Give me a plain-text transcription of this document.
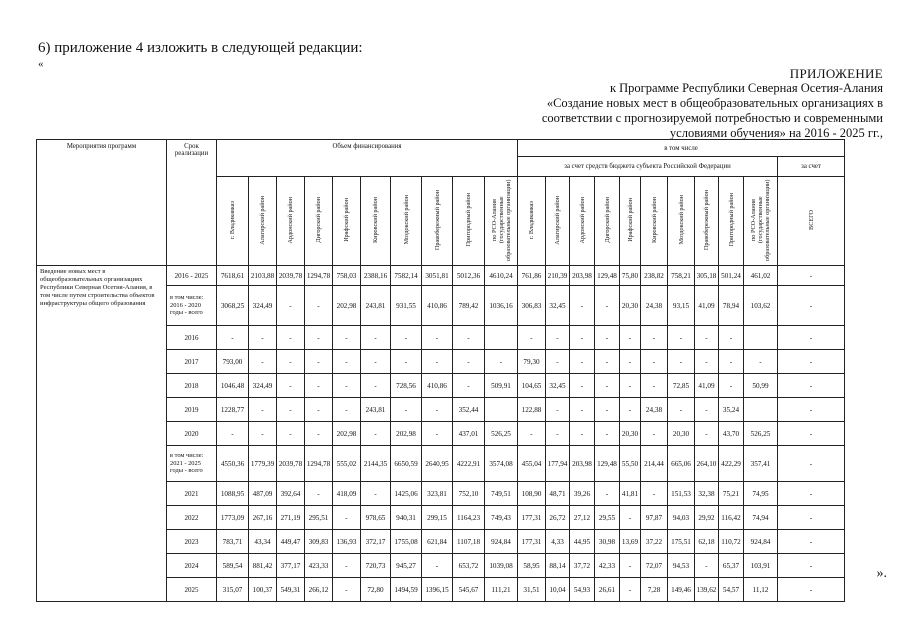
6) приложение 4 изложить в следующей редакции:
«
ПРИЛОЖЕНИЕ
к Программе Республики Северная Осетия-Алания
«Создание новых мест в общеобразовательных организациях в
соответствии с прогнозируемой потребностью и современными
условиями обучения» на 2016 - 2025 гг.,
Мероприятия программ	Срок реализации	Объем финансирования										в том числе										
												за счет средств бюджета субъекта Российской Федерации										за счет
		г. Владикавказ	Алагирский район	Ардонский район	Дигорский район	Ирафский район	Кировский район	Моздокский район	Правобережный район	Пригородный район	по РСО-Алания (государственные образовательные организации)	г. Владикавказ	Алагирский район	Ардонский район	Дигорский район	Ирафский район	Кировский район	Моздокский район	Правобережный район	Пригородный район	по РСО-Алания (государственные образовательные организации)	ВСЕГО
Введение новых мест в общеобразовательных организациях Республики Северная Осетия-Алания, в том числе путем строительства объектов инфраструктуры общего образования	2016 - 2025	7618,61	2103,88	2039,78	1294,78	758,03	2388,16	7582,14	3051,81	5012,36	4610,24	761,86	210,39	203,98	129,48	75,80	238,82	758,21	305,18	501,24	461,02	-
	в том числе: 2016 - 2020 годы - всего	3068,25	324,49	-	-	202,98	243,81	931,55	410,86	789,42	1036,16	306,83	32,45	-	-	20,30	24,38	93,15	41,09	78,94	103,62	-
	2016	-	-	-	-	-	-	-	-	-		-	-	-	-	-	-	-	-	-		-
	2017	793,00	-	-	-	-	-	-	-	-	-	79,30	-	-	-	-	-	-	-	-	-	-
	2018	1046,48	324,49	-	-	-	-	728,56	410,86	-	509,91	104,65	32,45	-	-	-	-	72,85	41,09	-	50,99	-
	2019	1228,77	-	-	-	-	243,81	-	-	352,44		122,88	-	-	-	-	24,38	-	-	35,24		-
	2020	-	-	-	-	202,98	-	202,98	-	437,01	526,25	-	-	-	-	20,30	-	20,30	-	43,70	526,25	-
	в том числе: 2021 - 2025 годы - всего	4550,36	1779,39	2039,78	1294,78	555,02	2144,35	6650,59	2640,95	4222,91	3574,08	455,04	177,94	203,98	129,48	55,50	214,44	665,06	264,10	422,29	357,41	-
	2021	1088,95	487,09	392,64	-	418,09	-	1425,06	323,81	752,10	749,51	108,90	48,71	39,26	-	41,81	-	151,53	32,38	75,21	74,95	-
	2022	1773,09	267,16	271,19	295,51	-	978,65	940,31	299,15	1164,23	749,43	177,31	26,72	27,12	29,55	-	97,87	94,03	29,92	116,42	74,94	-
	2023	783,71	43,34	449,47	309,83	136,93	372,17	1755,08	621,84	1107,18	924,84	177,31	4,33	44,95	30,98	13,69	37,22	175,51	62,18	110,72	924,84	-
	2024	589,54	881,42	377,17	423,33	-	720,73	945,27	-	653,72	1039,08	58,95	88,14	37,72	42,33	-	72,07	94,53	-	65,37	103,91	-
	2025	315,07	100,37	549,31	266,12	-	72,80	1494,59	1396,15	545,67	111,21	31,51	10,04	54,93	26,61	-	7,28	149,46	139,62	54,57	11,12	-
».
